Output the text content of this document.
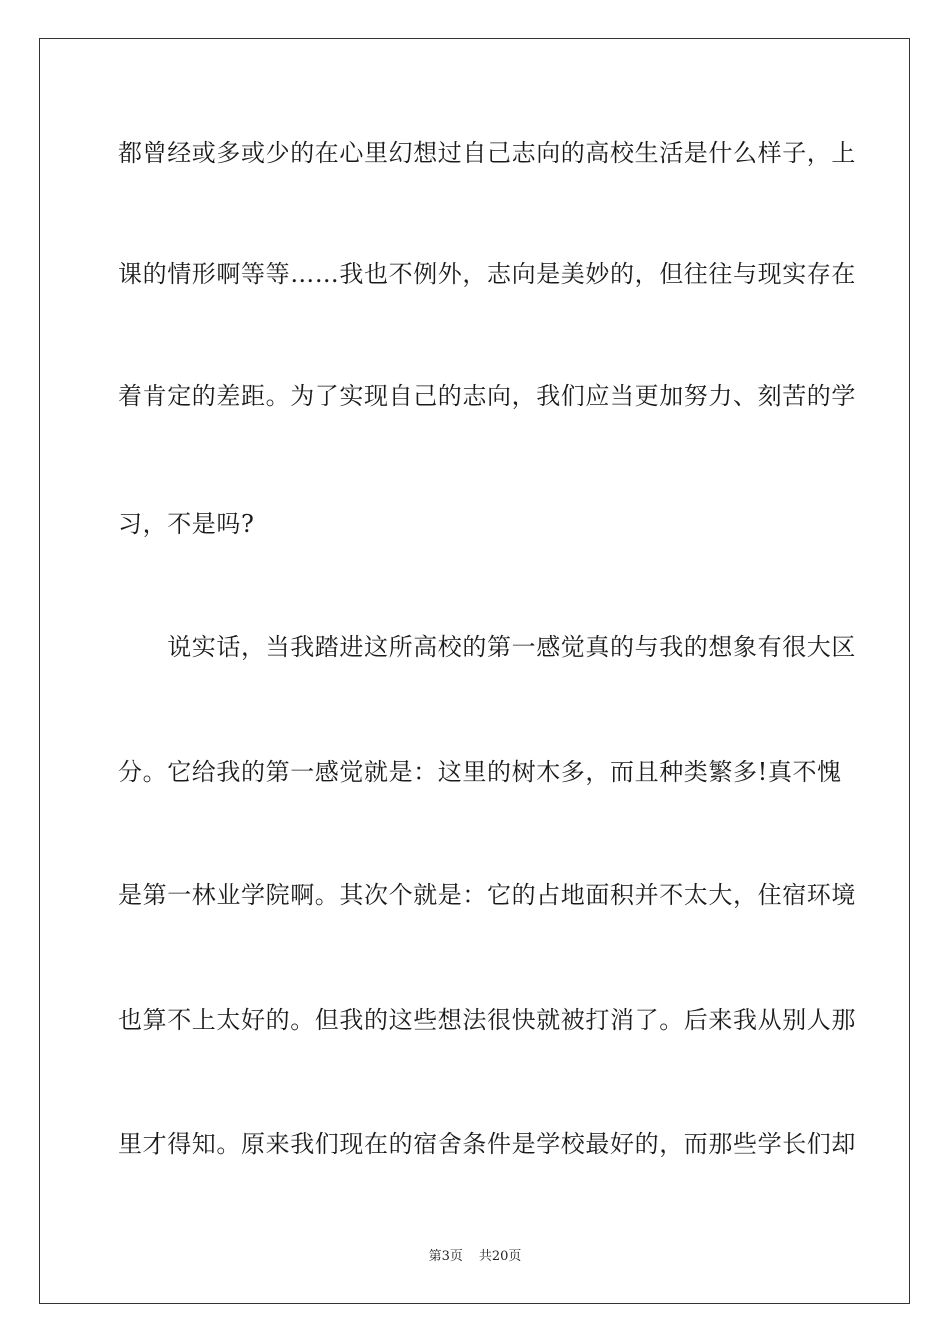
都曾经或多或少的在心里幻想过自己志向的高校生活是什么样子，上
课的情形啊等等……我也不例外，志向是美妙的，但往往与现实存在
着肯定的差距。为了实现自己的志向，我们应当更加努力、刻苦的学
习，不是吗?
　　说实话，当我踏进这所高校的第一感觉真的与我的想象有很大区
分。它给我的第一感觉就是：这里的树木多，而且种类繁多!真不愧
是第一林业学院啊。其次个就是：它的占地面积并不太大，住宿环境
也算不上太好的。但我的这些想法很快就被打消了。后来我从别人那
里才得知。原来我们现在的宿舍条件是学校最好的，而那些学长们却
第3页 共20页
